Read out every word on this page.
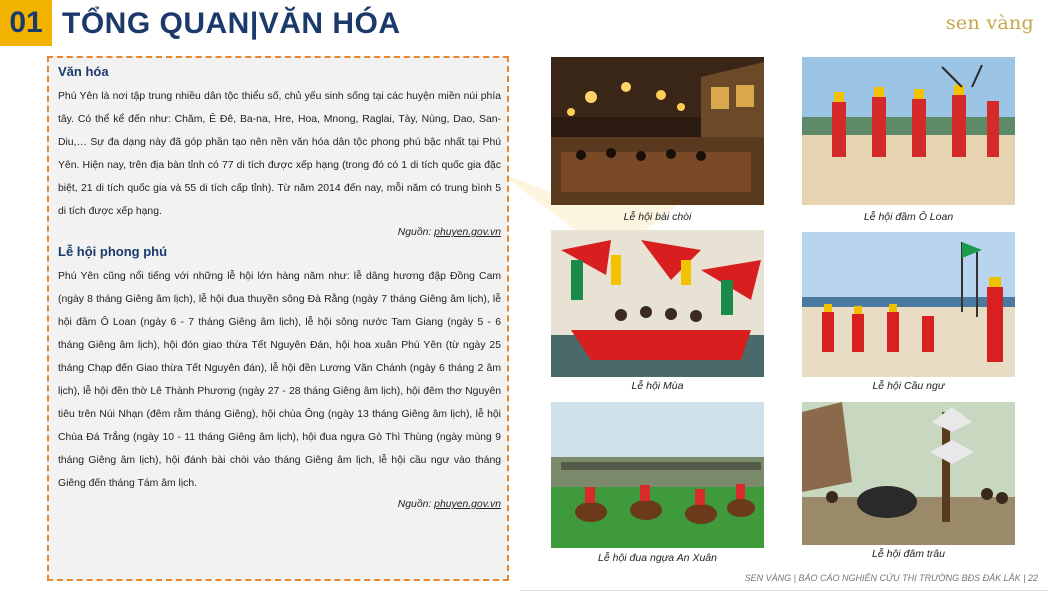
01 TỔNG QUAN|VĂN HÓA	sen vàng
Văn hóa

Phú Yên là nơi tập trung nhiều dân tộc thiểu số, chủ yếu sinh sống tại các huyện miền núi phía tây. Có thể kể đến như: Chăm, Ê Đê, Ba-na, Hre, Hoa, Mnong, Raglai, Tày, Nùng, Dao, San-Diu,… Sự đa dạng này đã góp phần tạo nên nền văn hóa dân tộc phong phú bậc nhất tại Phú Yên. Hiện nay, trên địa bàn tỉnh có 77 di tích được xếp hạng (trong đó có 1 di tích quốc gia đặc biệt, 21 di tích quốc gia và 55 di tích cấp tỉnh). Từ năm 2014 đến nay, mỗi năm có trung bình 5 di tích được xếp hạng.

Nguồn: phuyen.gov.vn
Lễ hội phong phú

Phú Yên cũng nổi tiếng với những lễ hội lớn hàng năm như: lễ dâng hương đập Đồng Cam (ngày 8 tháng Giêng âm lịch), lễ hội đua thuyền sông Đà Rằng (ngày 7 tháng Giêng âm lịch), lễ hội đầm Ô Loan (ngày 6 - 7 tháng Giêng âm lịch), lễ hội sông nước Tam Giang (ngày 5 - 6 tháng Giêng âm lịch), hội đón giao thừa Tết Nguyên Đán, hội hoa xuân Phú Yên (từ ngày 25 tháng Chạp đến Giao thừa Tết Nguyên đán), lễ hội đền Lương Văn Chánh (ngày 6 tháng 2 âm lịch), lễ hội đền thờ Lê Thành Phương (ngày 27 - 28 tháng Giêng âm lịch), hội đêm thơ Nguyên tiêu trên Núi Nhạn (đêm rằm tháng Giêng), hội chùa Ông (ngày 13 tháng Giêng âm lịch), lễ hội Chùa Đá Trắng (ngày 10 - 11 tháng Giêng âm lịch), hội đua ngựa Gò Thì Thùng (ngày mùng 9 tháng Giêng âm lịch), hội đánh bài chòi vào tháng Giêng âm lịch, lễ hội cầu ngư vào tháng Giêng đến tháng Tám âm lịch.

Nguồn: phuyen.gov.vn
Lễ hội bài chòi	Lễ hội đầm Ô Loan
Lễ hội Mùa	Lễ hội Cầu ngư
Lễ hội đua ngựa An Xuân	Lễ hội đâm trâu
SEN VÀNG | BÁO CÁO NGHIÊN CỨU THỊ TRƯỜNG BĐS ĐẮK LẮK | 22
